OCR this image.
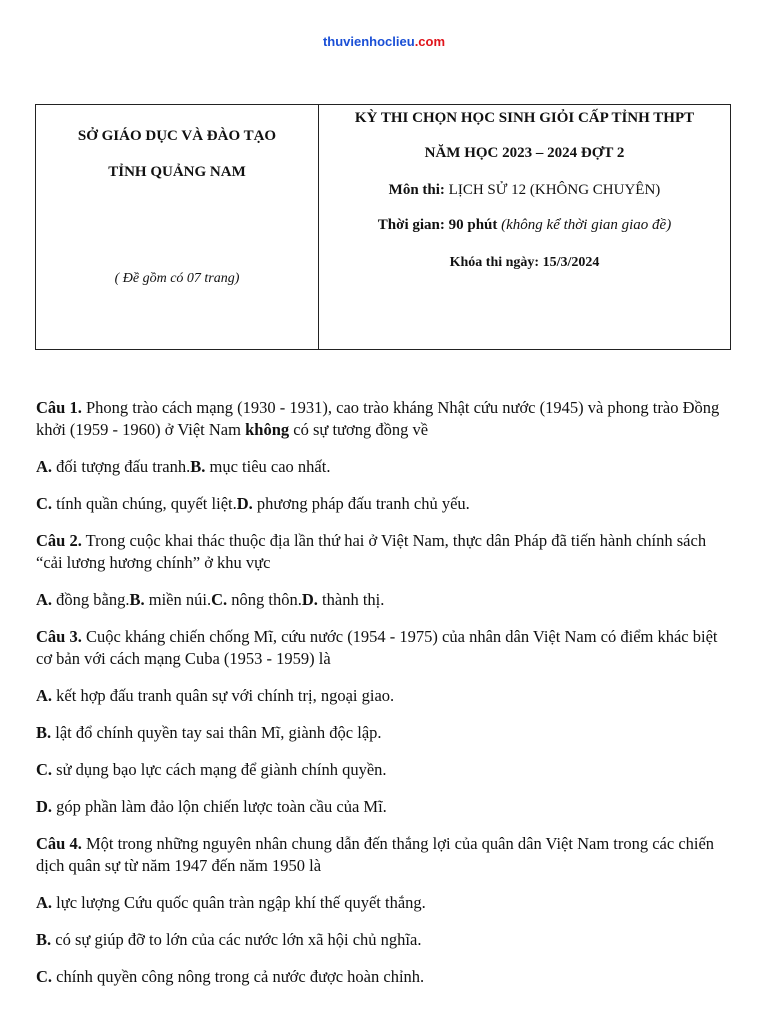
thuvienhoclieu.com
SỞ GIÁO DỤC VÀ ĐÀO TẠO
TỈNH QUẢNG NAM
( Đề gồm có 07 trang)
KỲ THI CHỌN HỌC SINH GIỎI CẤP TỈNH THPT
NĂM HỌC 2023 – 2024 ĐỢT 2
Môn thi: LỊCH SỬ 12 (KHÔNG CHUYÊN)
Thời gian: 90 phút (không kể thời gian giao đề)
Khóa thi ngày: 15/3/2024

Câu 1. Phong trào cách mạng (1930 - 1931), cao trào kháng Nhật cứu nước (1945) và phong trào Đồng khởi (1959 - 1960) ở Việt Nam không có sự tương đồng về

A. đối tượng đấu tranh.B. mục tiêu cao nhất.

C. tính quần chúng, quyết liệt.D. phương pháp đấu tranh chủ yếu.

Câu 2. Trong cuộc khai thác thuộc địa lần thứ hai ở Việt Nam, thực dân Pháp đã tiến hành chính sách “cải lương hương chính” ở khu vực

A. đồng bằng.B. miền núi.C. nông thôn.D. thành thị.

Câu 3. Cuộc kháng chiến chống Mĩ, cứu nước (1954 - 1975) của nhân dân Việt Nam có điểm khác biệt cơ bản với cách mạng Cuba (1953 - 1959) là

A. kết hợp đấu tranh quân sự với chính trị, ngoại giao.

B. lật đổ chính quyền tay sai thân Mĩ, giành độc lập.

C. sử dụng bạo lực cách mạng để giành chính quyền.

D. góp phần làm đảo lộn chiến lược toàn cầu của Mĩ.

Câu 4. Một trong những nguyên nhân chung dẫn đến thắng lợi của quân dân Việt Nam trong các chiến dịch quân sự từ năm 1947 đến năm 1950 là

A. lực lượng Cứu quốc quân tràn ngập khí thế quyết thắng.

B. có sự giúp đỡ to lớn của các nước lớn xã hội chủ nghĩa.

C. chính quyền công nông trong cả nước được hoàn chỉnh.
